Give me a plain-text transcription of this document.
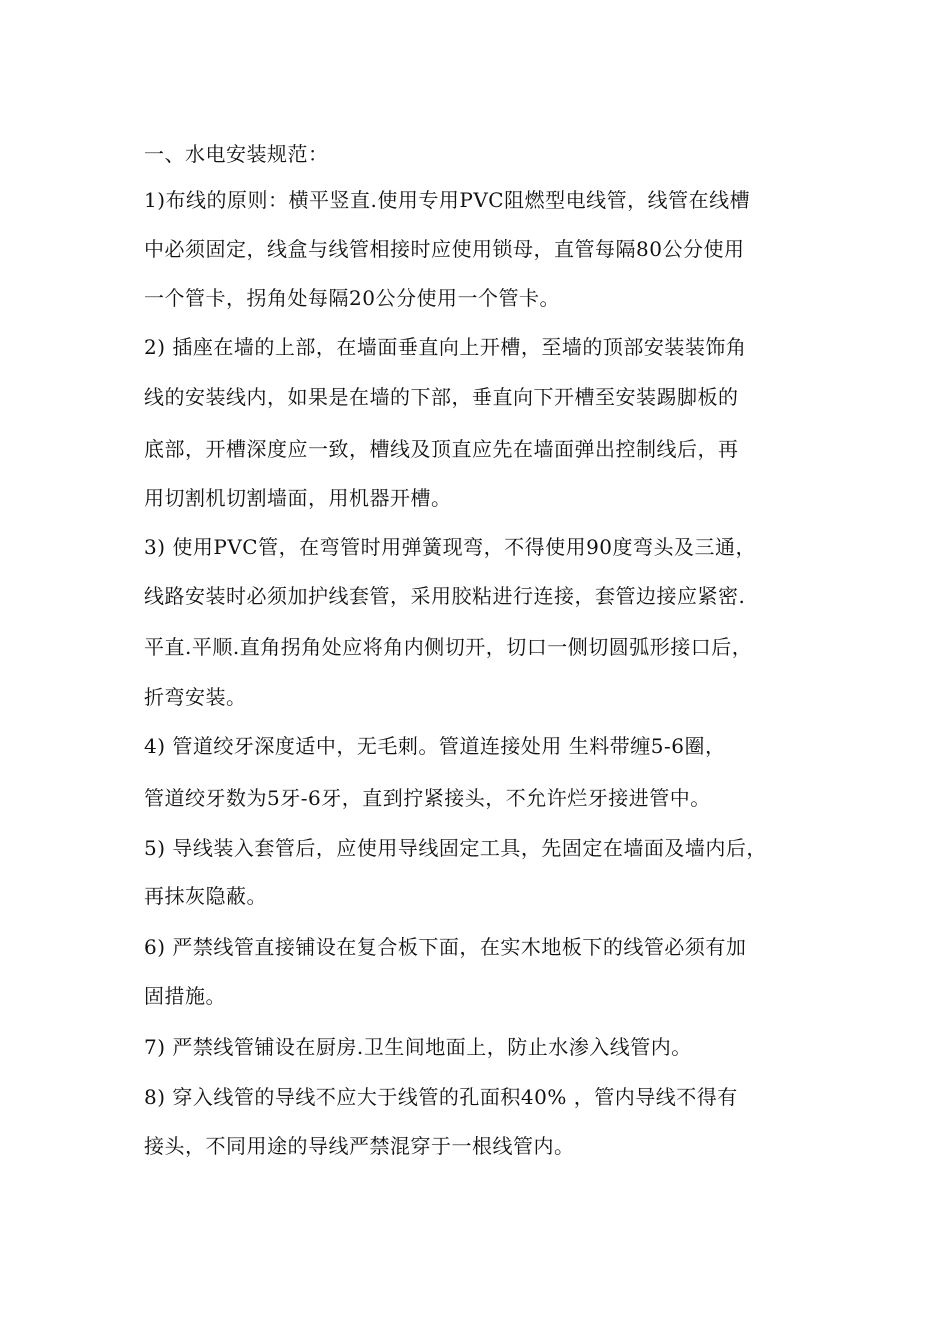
一、水电安装规范：
1)布线的原则：横平竖直.使用专用PVC阻燃型电线管，线管在线槽
中必须固定，线盒与线管相接时应使用锁母，直管每隔80公分使用
一个管卡，拐角处每隔20公分使用一个管卡。
2) 插座在墙的上部，在墙面垂直向上开槽，至墙的顶部安装装饰角
线的安装线内，如果是在墙的下部，垂直向下开槽至安装踢脚板的
底部，开槽深度应一致，槽线及顶直应先在墙面弹出控制线后，再
用切割机切割墙面，用机器开槽。
3) 使用PVC管，在弯管时用弹簧现弯，不得使用90度弯头及三通，
线路安装时必须加护线套管，采用胶粘进行连接，套管边接应紧密.
平直.平顺.直角拐角处应将角内侧切开，切口一侧切圆弧形接口后，
折弯安装。
4) 管道绞牙深度适中，无毛刺。管道连接处用 生料带缠5-6圈，
管道绞牙数为5牙-6牙，直到拧紧接头，不允许烂牙接进管中。
5) 导线装入套管后，应使用导线固定工具，先固定在墙面及墙内后，
再抹灰隐蔽。
6) 严禁线管直接铺设在复合板下面，在实木地板下的线管必须有加
固措施。
7) 严禁线管铺设在厨房.卫生间地面上，防止水渗入线管内。
8) 穿入线管的导线不应大于线管的孔面积40% ，管内导线不得有
接头，不同用途的导线严禁混穿于一根线管内。
